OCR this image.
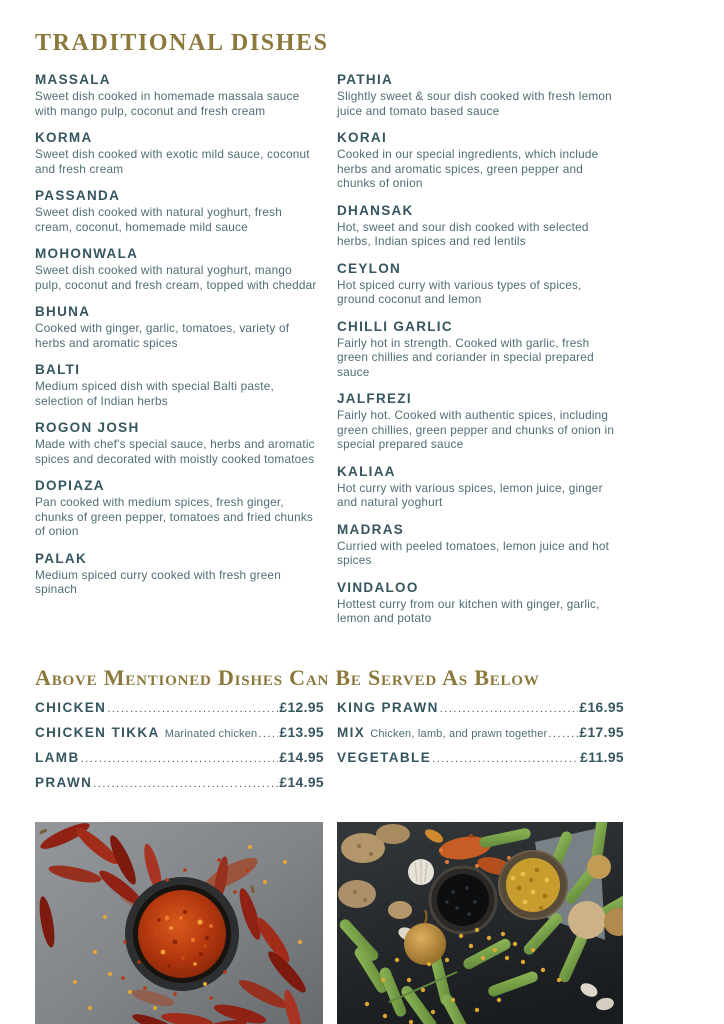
TRADITIONAL DISHES
MASSALA

Sweet dish cooked in homemade massala sauce with mango pulp, coconut and fresh cream

KORMA

Sweet dish cooked with exotic mild sauce, coconut and fresh cream

PASSANDA

Sweet dish cooked with natural yoghurt, fresh cream, coconut, homemade mild sauce

MOHONWALA

Sweet dish cooked with natural yoghurt, mango pulp, coconut and fresh cream, topped with cheddar

BHUNA

Cooked with ginger, garlic, tomatoes, variety of herbs and aromatic spices

BALTI

Medium spiced dish with special Balti paste, selection of Indian herbs

ROGON JOSH

Made with chef's special sauce, herbs and aromatic spices and decorated with moistly cooked tomatoes

DOPIAZA

Pan cooked with medium spices, fresh ginger, chunks of green pepper, tomatoes and fried chunks of onion

PALAK

Medium spiced curry cooked with fresh green spinach

PATHIA

Slightly sweet & sour dish cooked with fresh lemon juice and tomato based sauce

KORAI

Cooked in our special ingredients, which include herbs and aromatic spices, green pepper and chunks of onion

DHANSAK

Hot, sweet and sour dish cooked with selected herbs, Indian spices and red lentils

CEYLON

Hot spiced curry with various types of spices, ground coconut and lemon

CHILLI GARLIC

Fairly hot in strength. Cooked with garlic, fresh green chillies and coriander in special prepared sauce

JALFREZI

Fairly hot. Cooked with authentic spices, including green chillies, green pepper and chunks of onion in special prepared sauce

KALIAA

Hot curry with various spices, lemon juice, ginger and natural yoghurt

MADRAS

Curried with peeled tomatoes, lemon juice and hot spices

VINDALOO

Hottest curry from our kitchen with ginger, garlic, lemon and potato

Above Mentioned Dishes Can Be Served As Below
CHICKEN .....	£12.95
CHICKEN TIKKA Marinated chicken ..... £13.95
LAMB .....	£14.95
PRAWN .....	£14.95
KING PRAWN .....	£16.95
MIX Chicken, lamb, and prawn together ..... £17.95
VEGETABLE .....	£11.95
